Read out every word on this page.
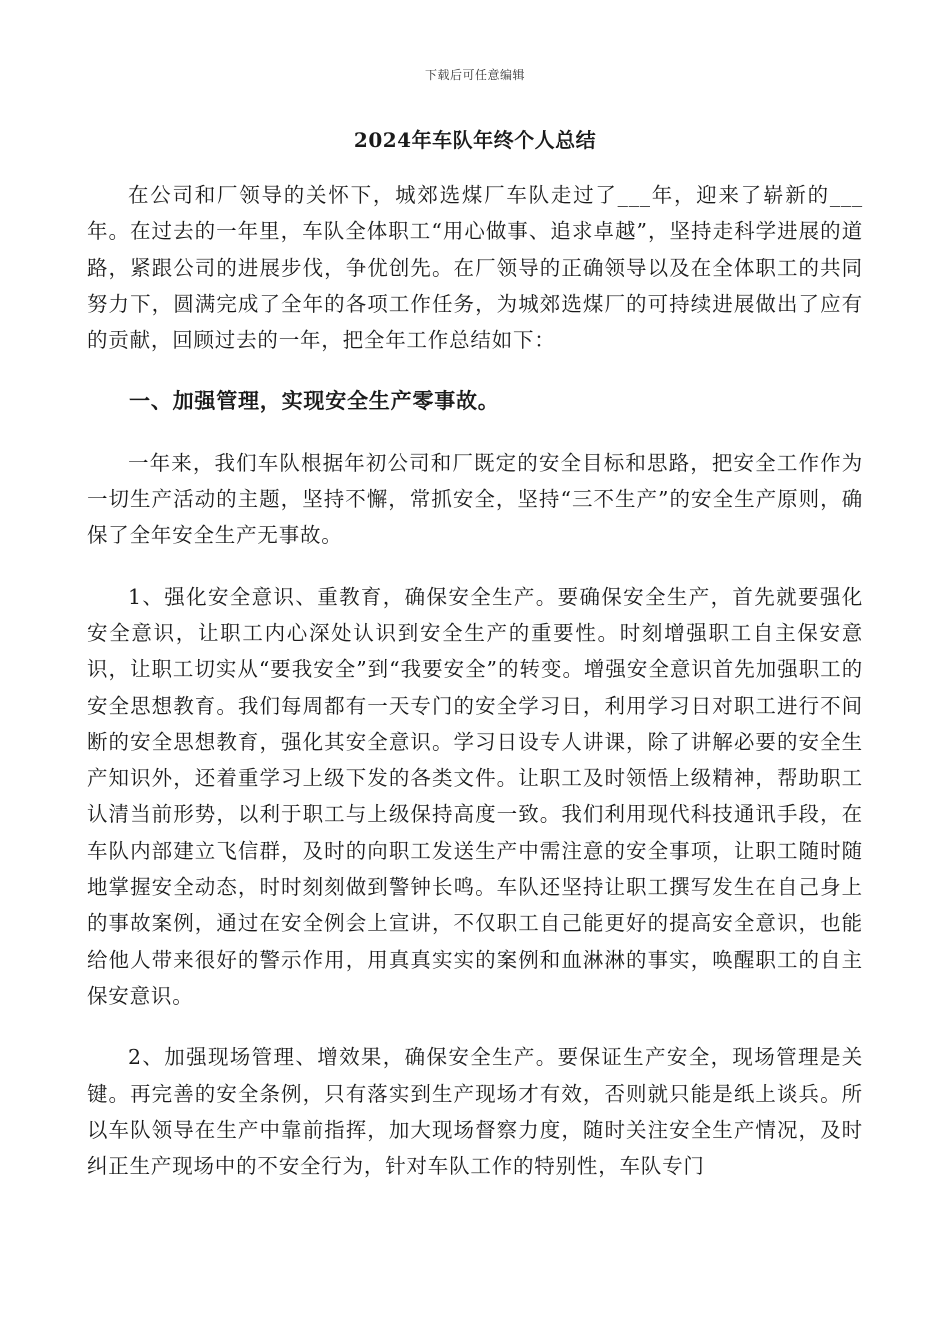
下载后可任意编辑
2024年车队年终个人总结

在公司和厂领导的关怀下，城郊选煤厂车队走过了___年，迎来了崭新的___年。在过去的一年里，车队全体职工“用心做事、追求卓越”，坚持走科学进展的道路，紧跟公司的进展步伐，争优创先。在厂领导的正确领导以及在全体职工的共同努力下，圆满完成了全年的各项工作任务，为城郊选煤厂的可持续进展做出了应有的贡献，回顾过去的一年，把全年工作总结如下：

一、加强管理，实现安全生产零事故。

一年来，我们车队根据年初公司和厂既定的安全目标和思路，把安全工作作为一切生产活动的主题，坚持不懈，常抓安全，坚持“三不生产”的安全生产原则，确保了全年安全生产无事故。

1、强化安全意识、重教育，确保安全生产。要确保安全生产，首先就要强化安全意识，让职工内心深处认识到安全生产的重要性。时刻增强职工自主保安意识，让职工切实从“要我安全”到“我要安全”的转变。增强安全意识首先加强职工的安全思想教育。我们每周都有一天专门的安全学习日，利用学习日对职工进行不间断的安全思想教育，强化其安全意识。学习日设专人讲课，除了讲解必要的安全生产知识外，还着重学习上级下发的各类文件。让职工及时领悟上级精神，帮助职工认清当前形势，以利于职工与上级保持高度一致。我们利用现代科技通讯手段，在车队内部建立飞信群，及时的向职工发送生产中需注意的安全事项，让职工随时随地掌握安全动态，时时刻刻做到警钟长鸣。车队还坚持让职工撰写发生在自己身上的事故案例，通过在安全例会上宣讲，不仅职工自己能更好的提高安全意识，也能给他人带来很好的警示作用，用真真实实的案例和血淋淋的事实，唤醒职工的自主保安意识。

2、加强现场管理、增效果，确保安全生产。要保证生产安全，现场管理是关键。再完善的安全条例，只有落实到生产现场才有效，否则就只能是纸上谈兵。所以车队领导在生产中靠前指挥，加大现场督察力度，随时关注安全生产情况，及时纠正生产现场中的不安全行为，针对车队工作的特别性，车队专门
